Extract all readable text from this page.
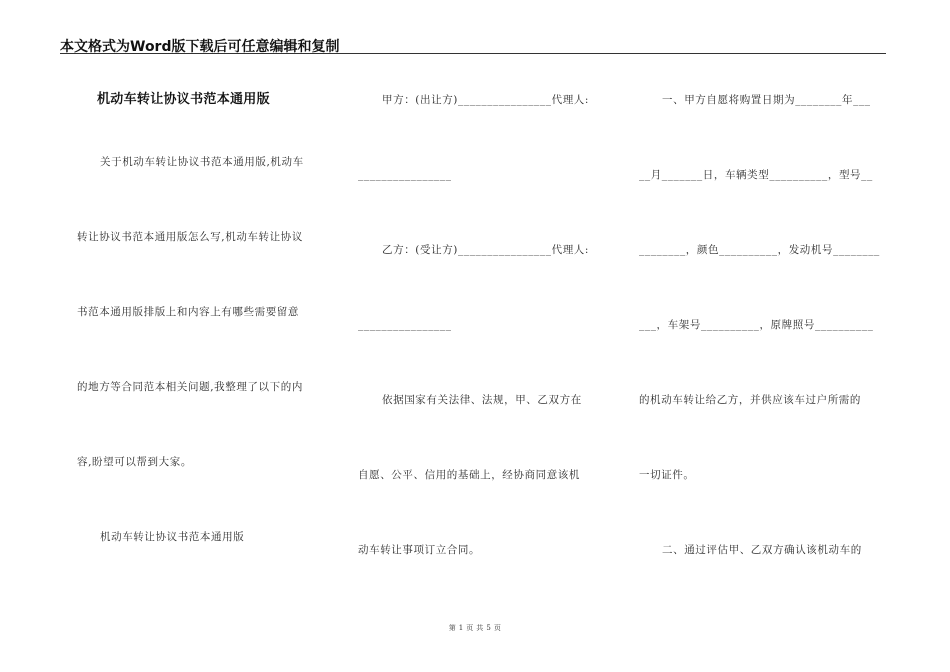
本文格式为Word版下载后可任意编辑和复制
机动车转让协议书范本通用版
关于机动车转让协议书范本通用版,机动车
转让协议书范本通用版怎么写,机动车转让协议
书范本通用版排版上和内容上有哪些需要留意
的地方等合同范本相关问题,我整理了以下的内
容,盼望可以帮到大家。
机动车转让协议书范本通用版
甲方：(出让方)________________代理人:
________________
乙方：(受让方)________________代理人:
________________
依据国家有关法律、法规，甲、乙双方在
自愿、公平、信用的基础上，经协商同意该机
动车转让事项订立合同。
一、甲方自愿将购置日期为________年___
__月_______日，车辆类型__________，型号__
________，颜色__________，发动机号________
___，车架号__________，原牌照号__________
的机动车转让给乙方，并供应该车过户所需的
一切证件。
二、通过评估甲、乙双方确认该机动车的
第 1 页 共 5 页
